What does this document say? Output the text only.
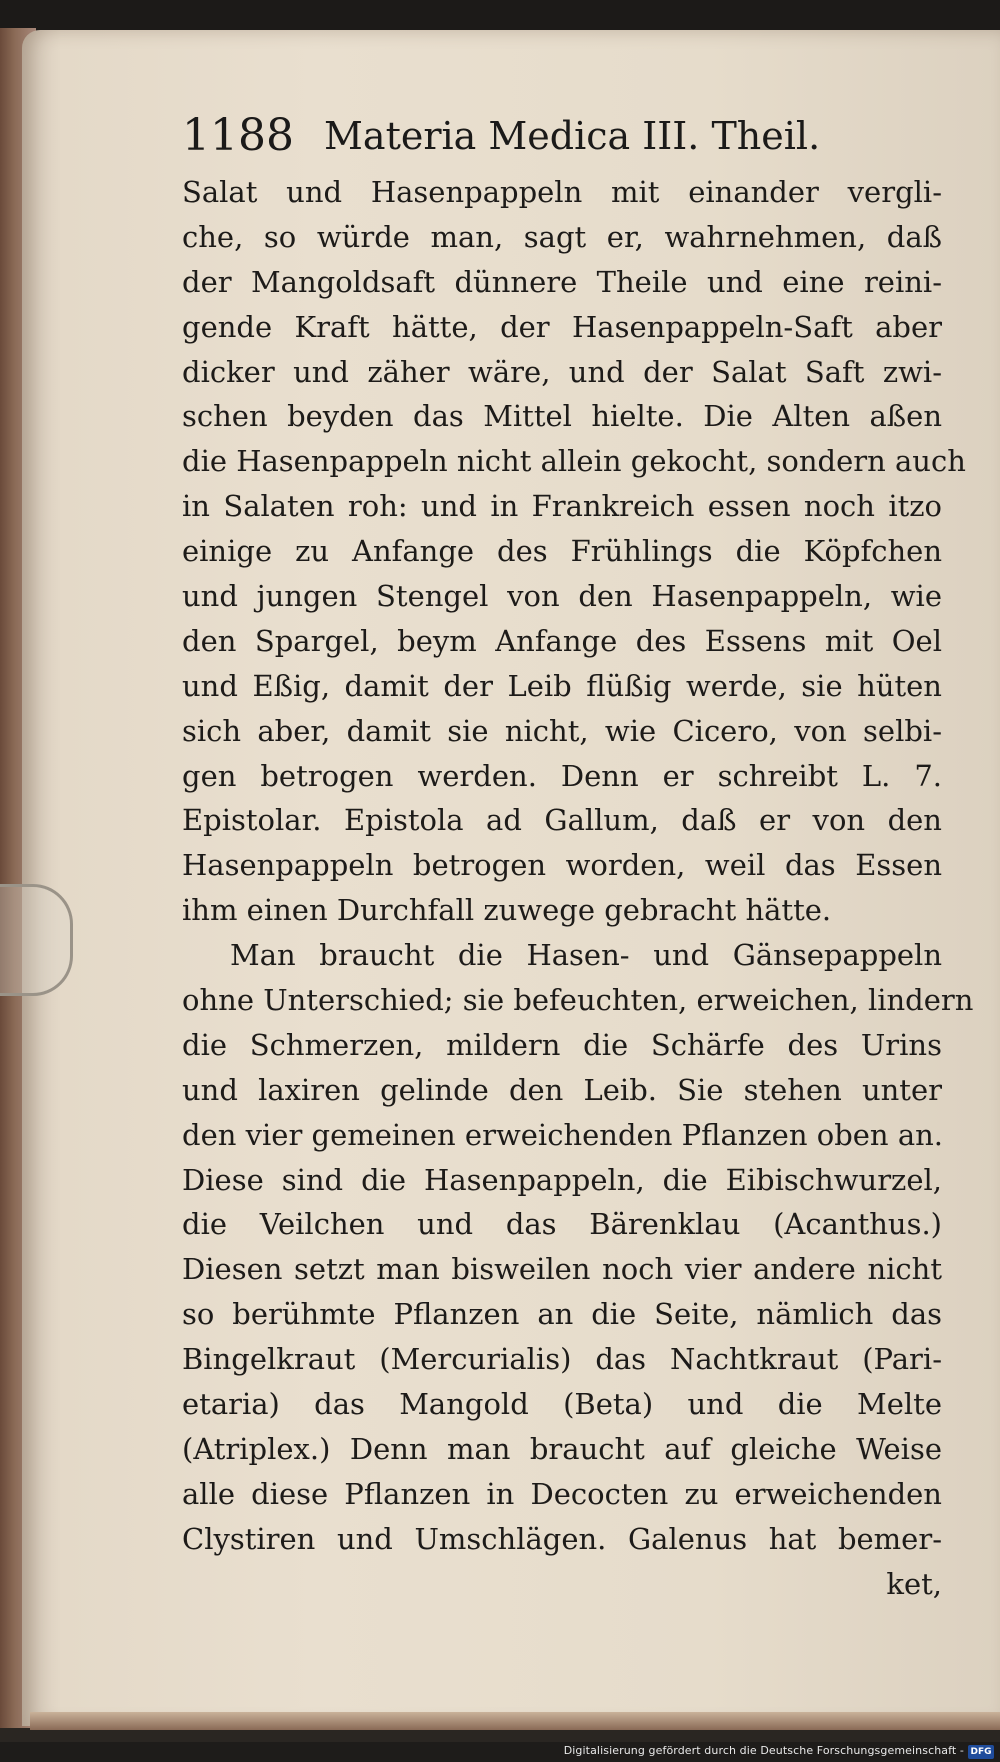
1188 Materia Medica III. Theil.
Salat und Hasenpappeln mit einander vergli-
che, so würde man, sagt er, wahrnehmen, daß
der Mangoldsaft dünnere Theile und eine reini-
gende Kraft hätte, der Hasenpappeln-Saft aber
dicker und zäher wäre, und der Salat Saft zwi-
schen beyden das Mittel hielte. Die Alten aßen
die Hasenpappeln nicht allein gekocht, sondern auch
in Salaten roh: und in Frankreich essen noch itzo
einige zu Anfange des Frühlings die Köpfchen
und jungen Stengel von den Hasenpappeln, wie
den Spargel, beym Anfange des Essens mit Oel
und Eßig, damit der Leib flüßig werde, sie hüten
sich aber, damit sie nicht, wie Cicero, von selbi-
gen betrogen werden. Denn er schreibt L. 7.
Epistolar. Epistola ad Gallum, daß er von den
Hasenpappeln betrogen worden, weil das Essen
ihm einen Durchfall zuwege gebracht hätte.
Man braucht die Hasen- und Gänsepappeln
ohne Unterschied; sie befeuchten, erweichen, lindern
die Schmerzen, mildern die Schärfe des Urins
und laxiren gelinde den Leib. Sie stehen unter
den vier gemeinen erweichenden Pflanzen oben an.
Diese sind die Hasenpappeln, die Eibischwurzel,
die Veilchen und das Bärenklau (Acanthus.)
Diesen setzt man bisweilen noch vier andere nicht
so berühmte Pflanzen an die Seite, nämlich das
Bingelkraut (Mercurialis) das Nachtkraut (Pari-
etaria) das Mangold (Beta) und die Melte
(Atriplex.) Denn man braucht auf gleiche Weise
alle diese Pflanzen in Decocten zu erweichenden
Clystiren und Umschlägen. Galenus hat bemer-
ket,
Digitalisierung gefördert durch die Deutsche Forschungsgemeinschaft - DFG
